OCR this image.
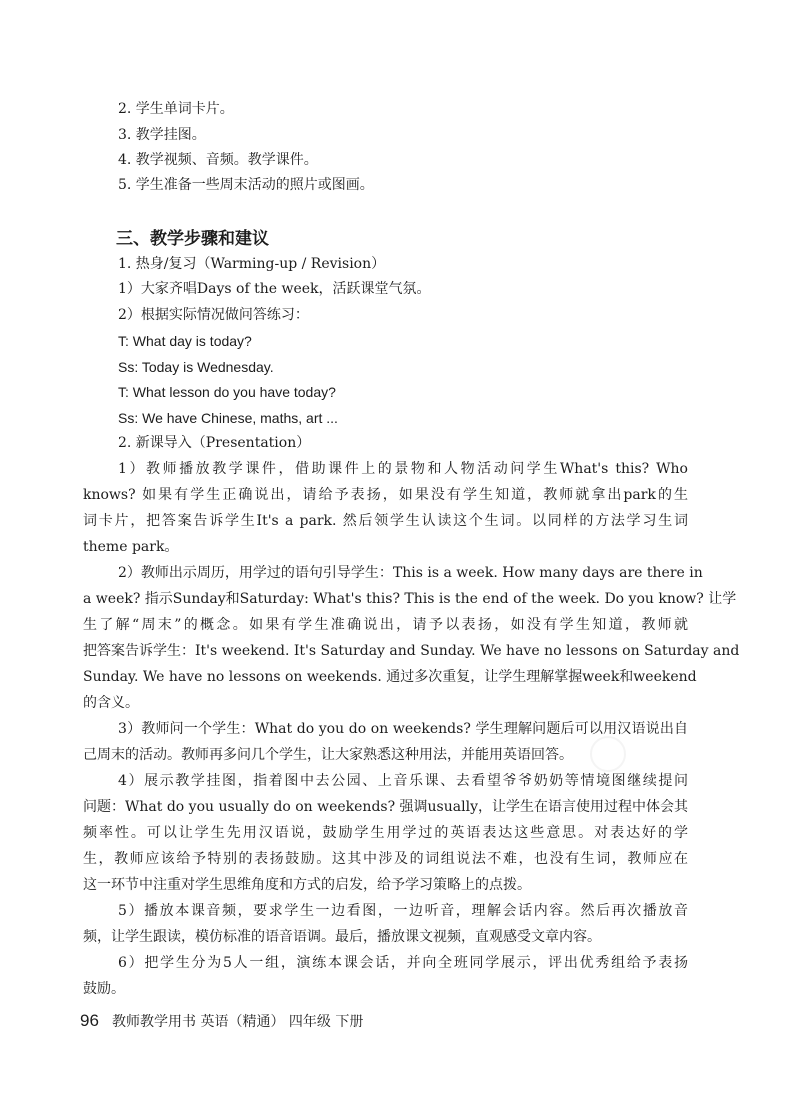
2. 学生单词卡片。

3. 教学挂图。

4. 教学视频、音频。教学课件。

5. 学生准备一些周末活动的照片或图画。

三、教学步骤和建议

1. 热身/复习（Warming-up / Revision）

1）大家齐唱Days of the week，活跃课堂气氛。

2）根据实际情况做问答练习：

T: What day is today?

Ss: Today is Wednesday.

T: What lesson do you have today?

Ss: We have Chinese, maths, art ...

2. 新课导入（Presentation）

1）教师播放教学课件，借助课件上的景物和人物活动问学生What's this? Who

knows? 如果有学生正确说出，请给予表扬，如果没有学生知道，教师就拿出park的生

词卡片，把答案告诉学生It's a park. 然后领学生认读这个生词。以同样的方法学习生词

theme park。

2）教师出示周历，用学过的语句引导学生：This is a week. How many days are there in

a week? 指示Sunday和Saturday: What's this? This is the end of the week. Do you know? 让学

生了解“周末”的概念。如果有学生准确说出，请予以表扬，如没有学生知道，教师就

把答案告诉学生：It's weekend. It's Saturday and Sunday. We have no lessons on Saturday and

Sunday. We have no lessons on weekends. 通过多次重复，让学生理解掌握week和weekend

的含义。

3）教师问一个学生：What do you do on weekends? 学生理解问题后可以用汉语说出自

己周末的活动。教师再多问几个学生，让大家熟悉这种用法，并能用英语回答。

4）展示教学挂图，指着图中去公园、上音乐课、去看望爷爷奶奶等情境图继续提问

问题：What do you usually do on weekends? 强调usually，让学生在语言使用过程中体会其

频率性。可以让学生先用汉语说，鼓励学生用学过的英语表达这些意思。对表达好的学

生，教师应该给予特别的表扬鼓励。这其中涉及的词组说法不难，也没有生词，教师应在

这一环节中注重对学生思维角度和方式的启发，给予学习策略上的点拨。

5）播放本课音频，要求学生一边看图，一边听音，理解会话内容。然后再次播放音

频，让学生跟读，模仿标准的语音语调。最后，播放课文视频，直观感受文章内容。

6）把学生分为5人一组，演练本课会话，并向全班同学展示，评出优秀组给予表扬

鼓励。

96 教师教学用书 英语（精通） 四年级 下册
